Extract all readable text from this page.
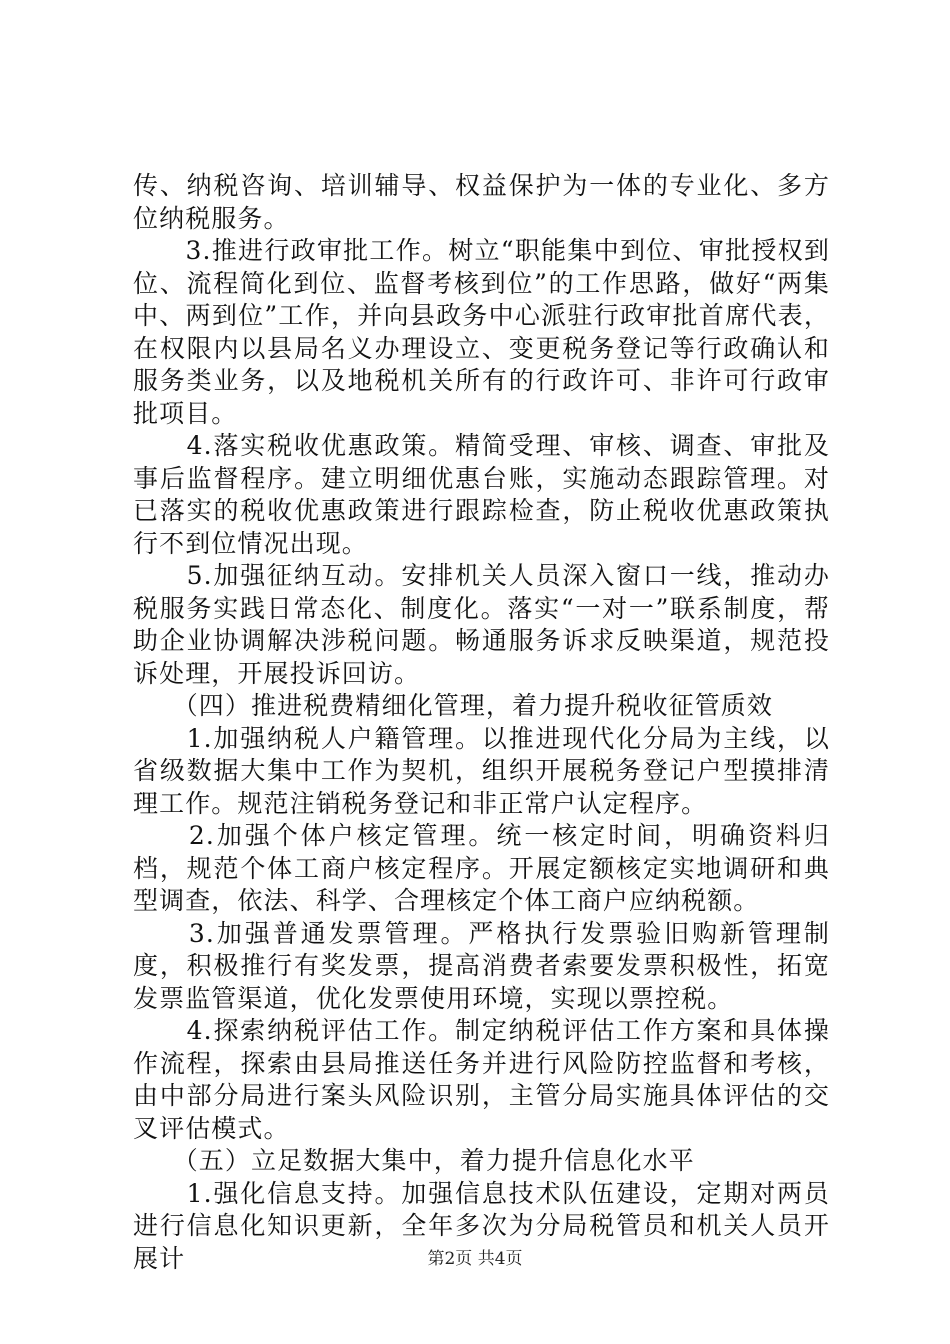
传、纳税咨询、培训辅导、权益保护为一体的专业化、多方位纳税服务。

　　3.推进行政审批工作。树立“职能集中到位、审批授权到位、流程简化到位、监督考核到位”的工作思路，做好“两集中、两到位”工作，并向县政务中心派驻行政审批首席代表，在权限内以县局名义办理设立、变更税务登记等行政确认和服务类业务，以及地税机关所有的行政许可、非许可行政审批项目。

　　4.落实税收优惠政策。精简受理、审核、调查、审批及事后监督程序。建立明细优惠台账，实施动态跟踪管理。对已落实的税收优惠政策进行跟踪检查，防止税收优惠政策执行不到位情况出现。

　　5.加强征纳互动。安排机关人员深入窗口一线，推动办税服务实践日常态化、制度化。落实“一对一”联系制度，帮助企业协调解决涉税问题。畅通服务诉求反映渠道，规范投诉处理，开展投诉回访。

　　（四）推进税费精细化管理，着力提升税收征管质效

　　1.加强纳税人户籍管理。以推进现代化分局为主线，以省级数据大集中工作为契机，组织开展税务登记户型摸排清理工作。规范注销税务登记和非正常户认定程序。

　　2.加强个体户核定管理。统一核定时间，明确资料归档，规范个体工商户核定程序。开展定额核定实地调研和典型调查，依法、科学、合理核定个体工商户应纳税额。

　　3.加强普通发票管理。严格执行发票验旧购新管理制度，积极推行有奖发票，提高消费者索要发票积极性，拓宽发票监管渠道，优化发票使用环境，实现以票控税。

　　4.探索纳税评估工作。制定纳税评估工作方案和具体操作流程，探索由县局推送任务并进行风险防控监督和考核，由中部分局进行案头风险识别，主管分局实施具体评估的交叉评估模式。

　　（五）立足数据大集中，着力提升信息化水平

　　1.强化信息支持。加强信息技术队伍建设，定期对两员进行信息化知识更新，全年多次为分局税管员和机关人员开展计	第2页 共4页
